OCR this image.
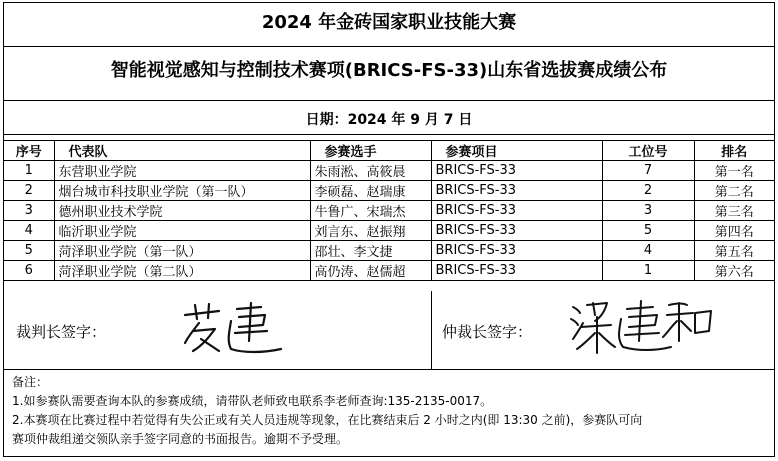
2024 年金砖国家职业技能大赛
智能视觉感知与控制技术赛项(BRICS-FS-33)山东省选拔赛成绩公布
日期：2024 年 9 月 7 日
序号	代表队	参赛选手	参赛项目	工位号	排名
1	东营职业学院	朱雨淞、高筱晨	BRICS-FS-33	7	第一名
2	烟台城市科技职业学院（第一队）	李硕磊、赵瑞康	BRICS-FS-33	2	第二名
3	德州职业技术学院	牛鲁广、宋瑞杰	BRICS-FS-33	3	第三名
4	临沂职业学院	刘言东、赵振翔	BRICS-FS-33	5	第四名
5	菏泽职业学院（第一队）	邵壮、李文捷	BRICS-FS-33	4	第五名
6	菏泽职业学院（第二队）	高仍涛、赵儒超	BRICS-FS-33	1	第六名
裁判长签字：	仲裁长签字：
备注：
1.如参赛队需要查询本队的参赛成绩，请带队老师致电联系李老师查询:135-2135-0017。
2.本赛项在比赛过程中若觉得有失公正或有关人员违规等现象，在比赛结束后 2 小时之内(即 13:30 之前)，参赛队可向
赛项仲裁组递交领队亲手签字同意的书面报告。逾期不予受理。
